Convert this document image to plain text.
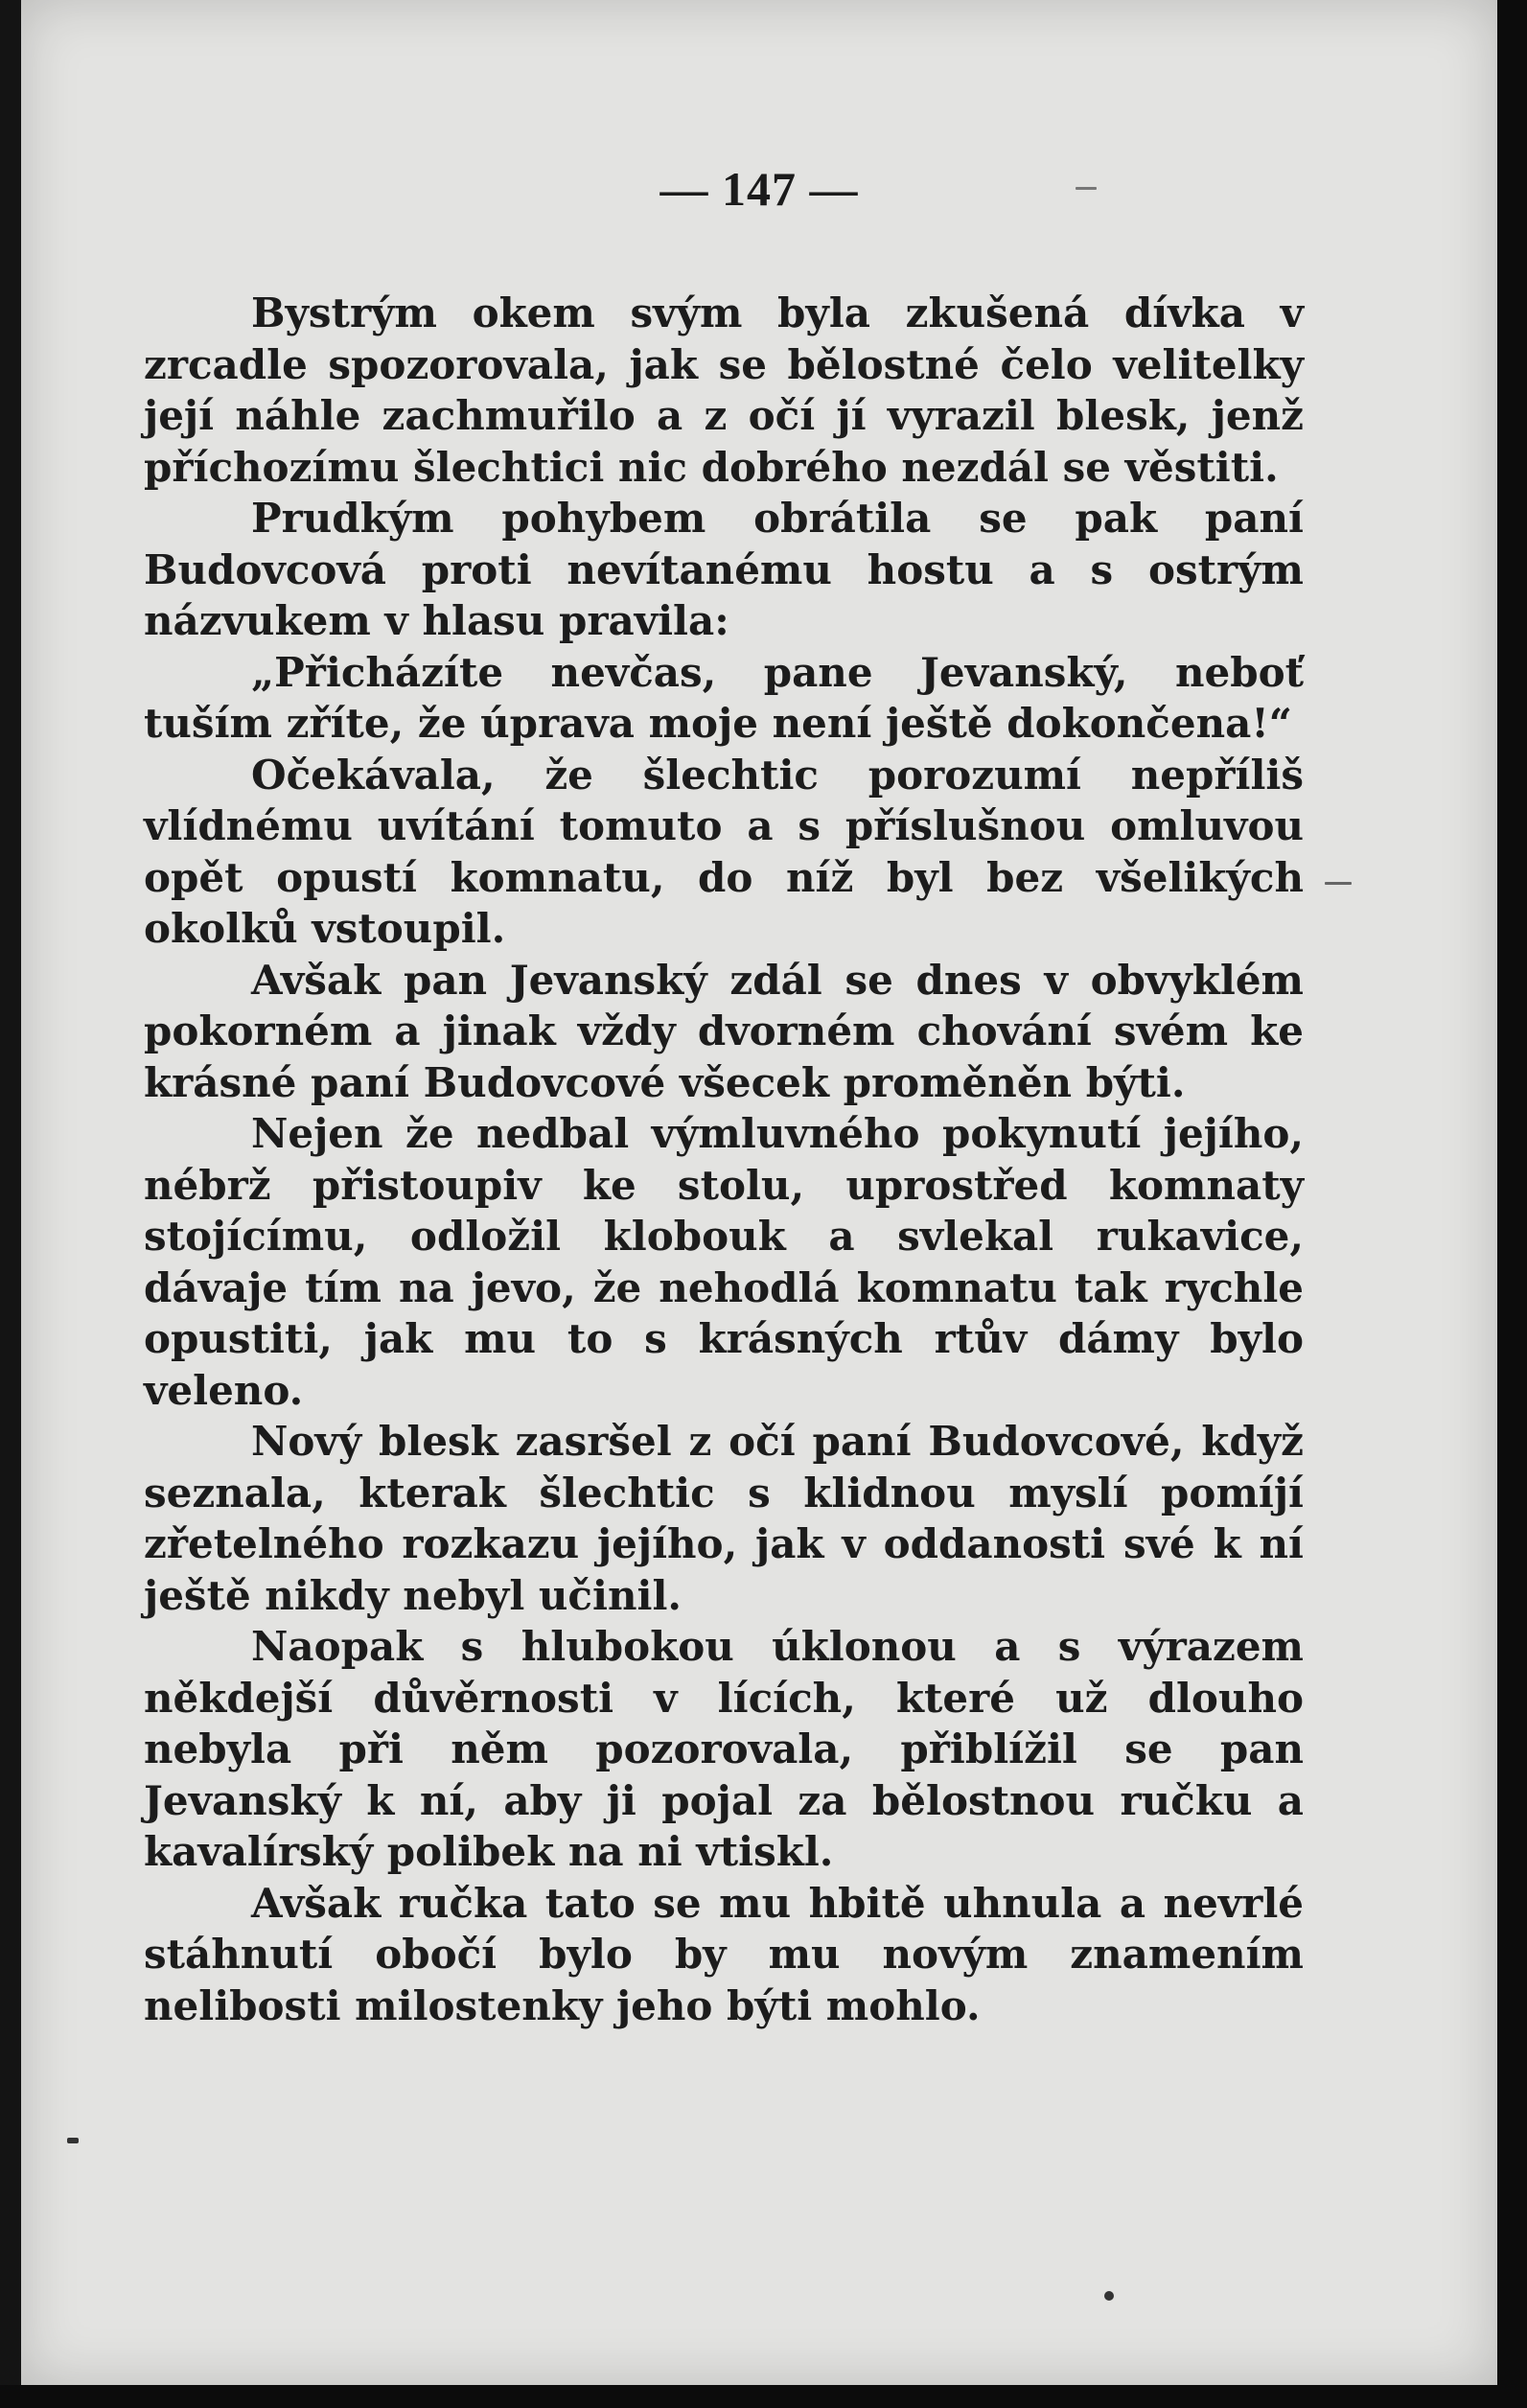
— 147 —

Bystrým okem svým byla zkušená dívka v zrcadle spozorovala, jak se bělostné čelo velitelky její náhle zachmuřilo a z očí jí vyrazil blesk, jenž příchozímu šlechtici nic dobrého nezdál se věstiti.

Prudkým pohybem obrátila se pak paní Budovcová proti nevítanému hostu a s ostrým názvukem v hlasu pravila:

„Přicházíte nevčas, pane Jevanský, neboť tuším zříte, že úprava moje není ještě dokončena!“

Očekávala, že šlechtic porozumí nepříliš vlídnému uvítání tomuto a s příslušnou omluvou opět opustí komnatu, do níž byl bez všelikých okolků vstoupil.

Avšak pan Jevanský zdál se dnes v obvyklém pokorném a jinak vždy dvorném chování svém ke krásné paní Budovcové všecek proměněn býti.

Nejen že nedbal výmluvného pokynutí jejího, nébrž přistoupiv ke stolu, uprostřed komnaty stojícímu, odložil klobouk a svlekal rukavice, dávaje tím na jevo, že nehodlá komnatu tak rychle opustiti, jak mu to s krásných rtův dámy bylo veleno.

Nový blesk zasršel z očí paní Budovcové, když seznala, kterak šlechtic s klidnou myslí pomíjí zřetelného rozkazu jejího, jak v oddanosti své k ní ještě nikdy nebyl učinil.

Naopak s hlubokou úklonou a s výrazem někdejší důvěrnosti v lících, které už dlouho nebyla při něm pozorovala, přiblížil se pan Jevanský k ní, aby ji pojal za bělostnou ručku a kavalírský polibek na ni vtiskl.

Avšak ručka tato se mu hbitě uhnula a nevrlé stáhnutí obočí bylo by mu novým znamením nelibosti milostenky jeho býti mohlo.
